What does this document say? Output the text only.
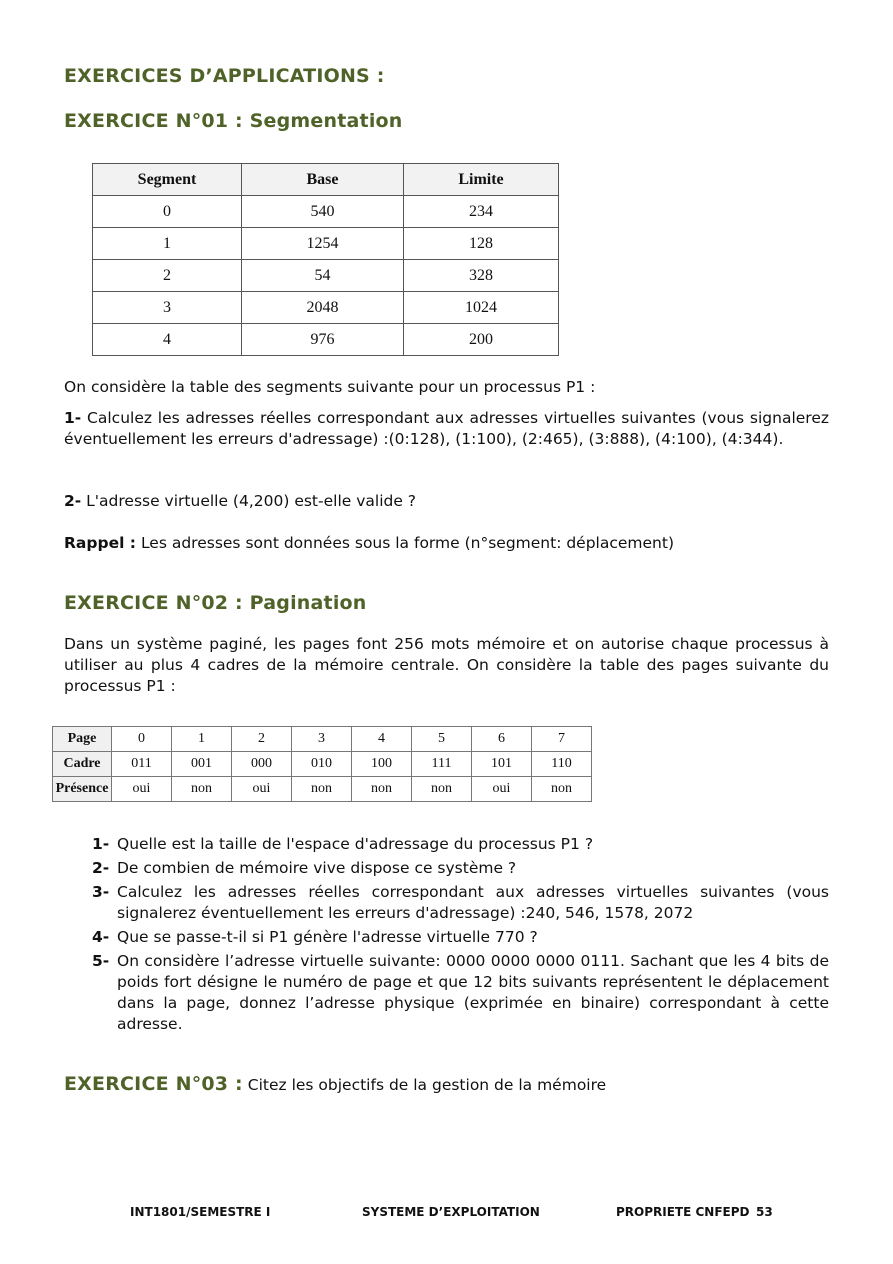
EXERCICES D’APPLICATIONS :
EXERCICE N°01 : Segmentation
Segment	Base	Limite
0	540	234
1	1254	128
2	54	328
3	2048	1024
4	976	200
On considère la table des segments suivante pour un processus P1 :
1- Calculez les adresses réelles correspondant aux adresses virtuelles suivantes (vous signalerez éventuellement les erreurs d'adressage) :(0:128), (1:100), (2:465), (3:888), (4:100), (4:344).
2- L'adresse virtuelle (4,200) est-elle valide ?
Rappel : Les adresses sont données sous la forme (n°segment: déplacement)
EXERCICE N°02 : Pagination
Dans un système paginé, les pages font 256 mots mémoire et on autorise chaque processus à utiliser au plus 4 cadres de la mémoire centrale. On considère la table des pages suivante du processus P1 :
Page	0	1	2	3	4	5	6	7
Cadre	011	001	000	010	100	111	101	110
Présence	oui	non	oui	non	non	non	oui	non
1- Quelle est la taille de l'espace d'adressage du processus P1 ?
2- De combien de mémoire vive dispose ce système ?
3- Calculez les adresses réelles correspondant aux adresses virtuelles suivantes (vous signalerez éventuellement les erreurs d'adressage) :240, 546, 1578, 2072
4- Que se passe-t-il si P1 génère l'adresse virtuelle 770 ?
5- On considère l’adresse virtuelle suivante: 0000 0000 0000 0111. Sachant que les 4 bits de poids fort désigne le numéro de page et que 12 bits suivants représentent le déplacement dans la page, donnez l’adresse physique (exprimée en binaire) correspondant à cette adresse.
EXERCICE N°03 : Citez les objectifs de la gestion de la mémoire
INT1801/SEMESTRE I	SYSTEME D’EXPLOITATION	PROPRIETE CNFEPD 53
